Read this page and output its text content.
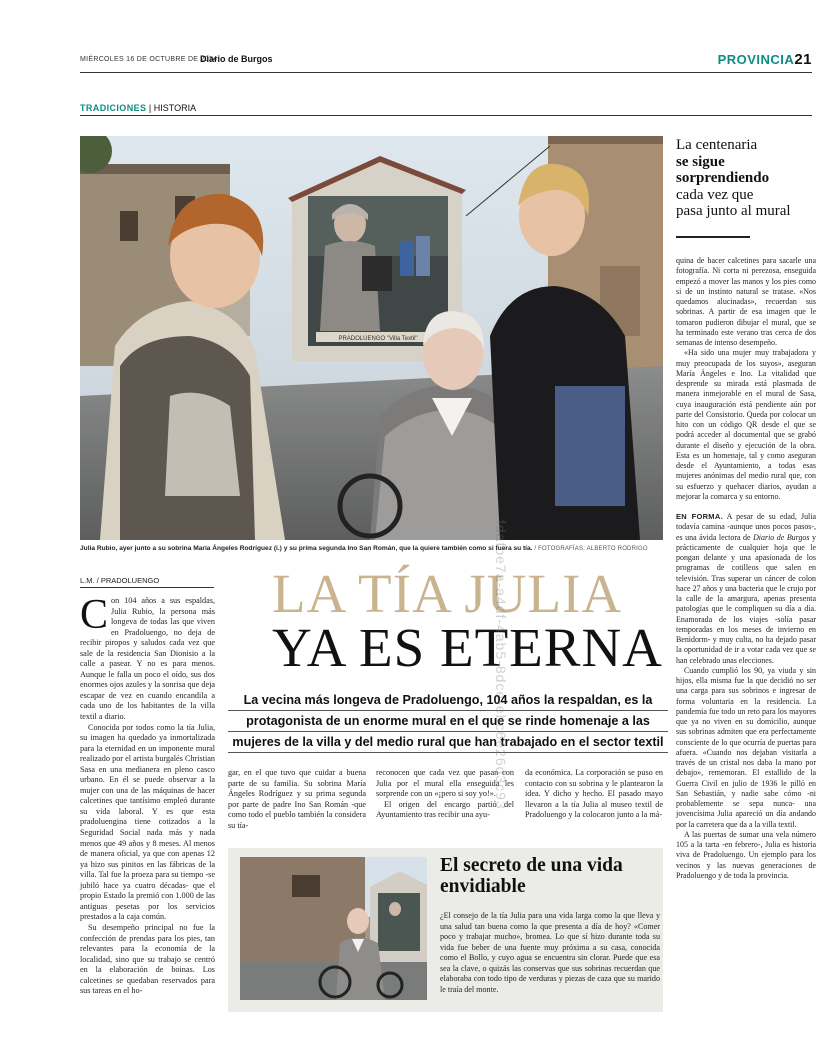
MIÉRCOLES 16 DE OCTUBRE DE 2024
Diario de Burgos	PROVINCIA21
TRADICIONES | HISTORIA
PRADOLUENGO "Villa Textil"
Julia Rubio, ayer junto a su sobrina María Ángeles Rodríguez (i.) y su prima segunda Ino San Román, que la quiere también como si fuera su tía. / FOTOGRAFÍAS: ALBERTO RODRIGO
La centenaria
se sigue
sorprendiendo
cada vez que
pasa junto al mural
L.M. / PRADOLUENGO

Con 104 años a sus espaldas, Julia Rubio, la persona más longeva de todas las que viven en Pradoluengo, no deja de recibir piropos y saludos cada vez que sale de la residencia San Dionisio a la calle a pasear. Y no es para menos. Aunque le falla un poco el oído, sus dos enormes ojos azules y la sonrisa que deja escapar de vez en cuando encandila a cada uno de los habitantes de la villa textil a diario.

Conocida por todos como la tía Julia, su imagen ha quedado ya inmortalizada para la eternidad en un imponente mural realizado por el artista burgalés Christian Sasa en una medianera en pleno casco urbano. En él se puede observar a la mujer con una de las máquinas de hacer calcetines que tantísimo empleó durante su vida laboral. Y es que esta pradoluengina tiene cotizados a la Seguridad Social nada más y nada menos que 49 años y 8 meses. Al menos de manera oficial, ya que con apenas 12 ya hizo sus pinitos en las fábricas de la villa. Tal fue la proeza para su tiempo -se jubiló hace ya cuatro décadas- que el propio Estado la premió con 1.000 de las antiguas pesetas por los servicios prestados a la caja común.

Su desempeño principal no fue la confección de prendas para los pies, tan relevantes para la economía de la localidad, sino que su trabajo se centró en la elaboración de boinas. Los calcetines se quedaban reservados para sus tareas en el ho-

LA TÍA JULIA
YA ES ETERNA
La vecina más longeva de Pradoluengo, 104 años la respaldan, es la
protagonista de un enorme mural en el que se rinde homenaje a las
mujeres de la villa y del medio rural que han trabajado en el sector textil

gar, en el que tuvo que cuidar a buena parte de su familia. Su sobrina María Ángeles Rodríguez y su prima segunda por parte de padre Ino San Román -que como todo el pueblo también la considera su tía-

reconocen que cada vez que pasan con Julia por el mural ella enseguida les sorprende con un «¡pero si soy yo!».

El origen del encargo partió del Ayuntamiento tras recibir una ayu-

da económica. La corporación se puso en contacto con su sobrina y le plantearon la idea. Y dicho y hecho. El pasado mayo llevaron a la tía Julia al museo textil de Pradoluengo y la colocaron junto a la má-

quina de hacer calcetines para sacarle una fotografía. Ni corta ni perezosa, enseguida empezó a mover las manos y los pies como si de un instinto natural se tratase. «Nos quedamos alucinadas», recuerdan sus sobrinas. A partir de esa imagen que le tomaron pudieron dibujar el mural, que se ha terminado este verano tras cerca de dos semanas de intenso desempeño.

«Ha sido una mujer muy trabajadora y muy preocupada de los suyos», aseguran María Ángeles e Ino. La vitalidad que desprende su mirada está plasmada de manera inmejorable en el mural de Sasa, cuya inauguración está pendiente aún por parte del Consistorio. Queda por colocar un hito con un código QR desde el que se podrá acceder al documental que se grabó durante el diseño y ejecución de la obra. Esta es un homenaje, tal y como aseguran desde el Ayuntamiento, a todas esas mujeres anónimas del medio rural que, con su esfuerzo y quehacer diarios, ayudan a mejorar la comarca y su entorno.

EN FORMA. A pesar de su edad, Julia todavía camina -aunque unos pocos pasos-, es una ávida lectora de Diario de Burgos y prácticamente de cualquier hoja que le pongan delante y una apasionada de los programas de cotilleos que salen en televisión. Tras superar un cáncer de colon hace 27 años y una bacteria que le crujo por la calle de la amargura, apenas presenta patologías que le compliquen su día a día. Enamorada de los viajes -solía pasar temporadas en los meses de invierno en Benidorm- y muy culta, no ha dejado pasar la oportunidad de ir a votar cada vez que se han celebrado unas elecciones.

Cuando cumplió los 90, ya viuda y sin hijos, ella misma fue la que decidió no ser una carga para sus sobrinos e ingresar de forma voluntaria en la residencia. La pandemia fue todo un reto para los mayores que ya no viven en su domicilio, aunque sus sobrinas admiten que era perfectamente consciente de lo que ocurría de puertas para afuera. «Cuando nos dejaban visitarla a través de un cristal nos daba la mano por debajo», rememoran. El estallido de la Guerra Civil en julio de 1936 le pilló en San Sebastián, y nadie sabe cómo -ni probablemente se sepa nunca- una jovencísima Julia apareció un día andando por la carretera que da a la villa textil.

A las puertas de sumar una vela número 105 a la tarta -en febrero-, Julia es historia viva de Pradoluengo. Un ejemplo para los vecinos y las nuevas generaciones de Pradoluengo y de toda la provincia.

El secreto de una vida envidiable
¿El consejo de la tía Julia para una vida larga como la que lleva y una salud tan buena como la que presenta a día de hoy? «Comer poco y trabajar mucho», bromea. Lo que sí hizo durante toda su vida fue beber de una fuente muy próxima a su casa, conocida como el Bollo, y cuyo agua se encuentra sin clorar. Puede que esa sea la clave, o quizás las conservas que sus sobrinas recuerdan que elaboraba con todo tipo de verduras y piezas de caza que su marido le traía del monte.
fdafbe7a-a4df-4ab5-8dce-ebc6e26d3c93
